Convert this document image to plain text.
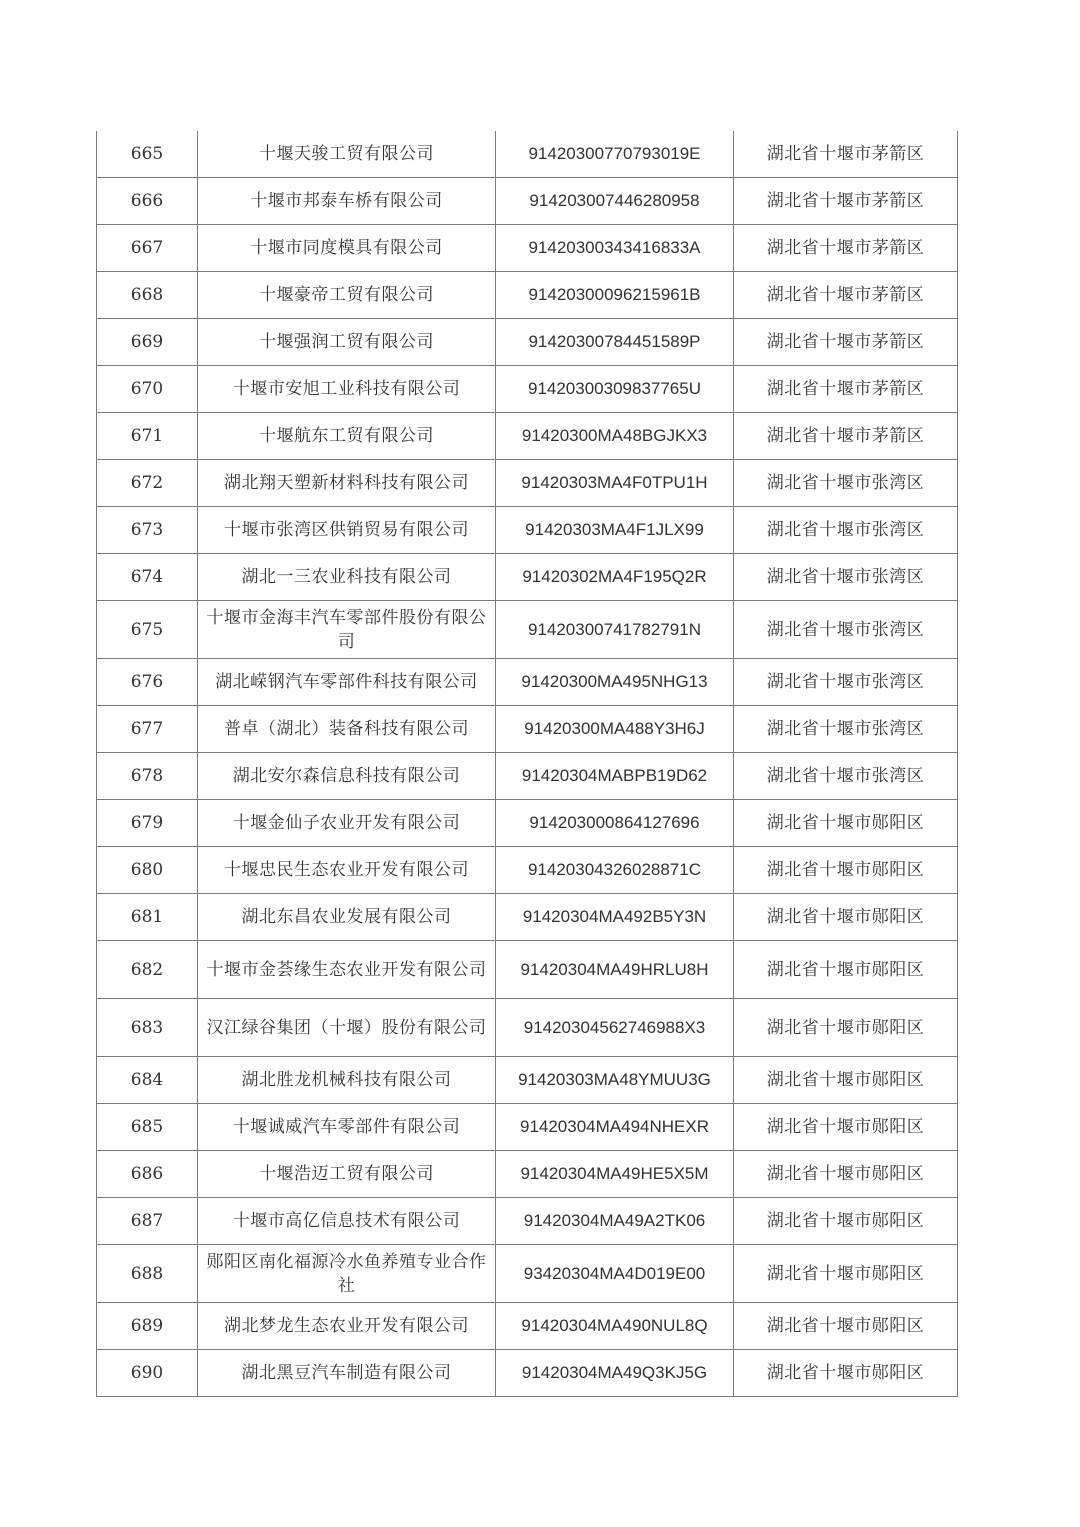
665	十堰天骏工贸有限公司	91420300770793019E	湖北省十堰市茅箭区
666	十堰市邦泰车桥有限公司	914203007446280958	湖北省十堰市茅箭区
667	十堰市同度模具有限公司	91420300343416833A	湖北省十堰市茅箭区
668	十堰豪帝工贸有限公司	91420300096215961B	湖北省十堰市茅箭区
669	十堰强润工贸有限公司	91420300784451589P	湖北省十堰市茅箭区
670	十堰市安旭工业科技有限公司	91420300309837765U	湖北省十堰市茅箭区
671	十堰航东工贸有限公司	91420300MA48BGJKX3	湖北省十堰市茅箭区
672	湖北翔天塑新材料科技有限公司	91420303MA4F0TPU1H	湖北省十堰市张湾区
673	十堰市张湾区供销贸易有限公司	91420303MA4F1JLX99	湖北省十堰市张湾区
674	湖北一三农业科技有限公司	91420302MA4F195Q2R	湖北省十堰市张湾区
675	十堰市金海丰汽车零部件股份有限公司	91420300741782791N	湖北省十堰市张湾区
676	湖北嵘钢汽车零部件科技有限公司	91420300MA495NHG13	湖北省十堰市张湾区
677	普卓（湖北）装备科技有限公司	91420300MA488Y3H6J	湖北省十堰市张湾区
678	湖北安尔森信息科技有限公司	91420304MABPB19D62	湖北省十堰市张湾区
679	十堰金仙子农业开发有限公司	914203000864127696	湖北省十堰市郧阳区
680	十堰忠民生态农业开发有限公司	91420304326028871C	湖北省十堰市郧阳区
681	湖北东昌农业发展有限公司	91420304MA492B5Y3N	湖北省十堰市郧阳区
682	十堰市金荟缘生态农业开发有限公司	91420304MA49HRLU8H	湖北省十堰市郧阳区
683	汉江绿谷集团（十堰）股份有限公司	91420304562746988X3	湖北省十堰市郧阳区
684	湖北胜龙机械科技有限公司	91420303MA48YMUU3G	湖北省十堰市郧阳区
685	十堰诚威汽车零部件有限公司	91420304MA494NHEXR	湖北省十堰市郧阳区
686	十堰浩迈工贸有限公司	91420304MA49HE5X5M	湖北省十堰市郧阳区
687	十堰市高亿信息技术有限公司	91420304MA49A2TK06	湖北省十堰市郧阳区
688	郧阳区南化福源冷水鱼养殖专业合作社	93420304MA4D019E00	湖北省十堰市郧阳区
689	湖北梦龙生态农业开发有限公司	91420304MA490NUL8Q	湖北省十堰市郧阳区
690	湖北黑豆汽车制造有限公司	91420304MA49Q3KJ5G	湖北省十堰市郧阳区
